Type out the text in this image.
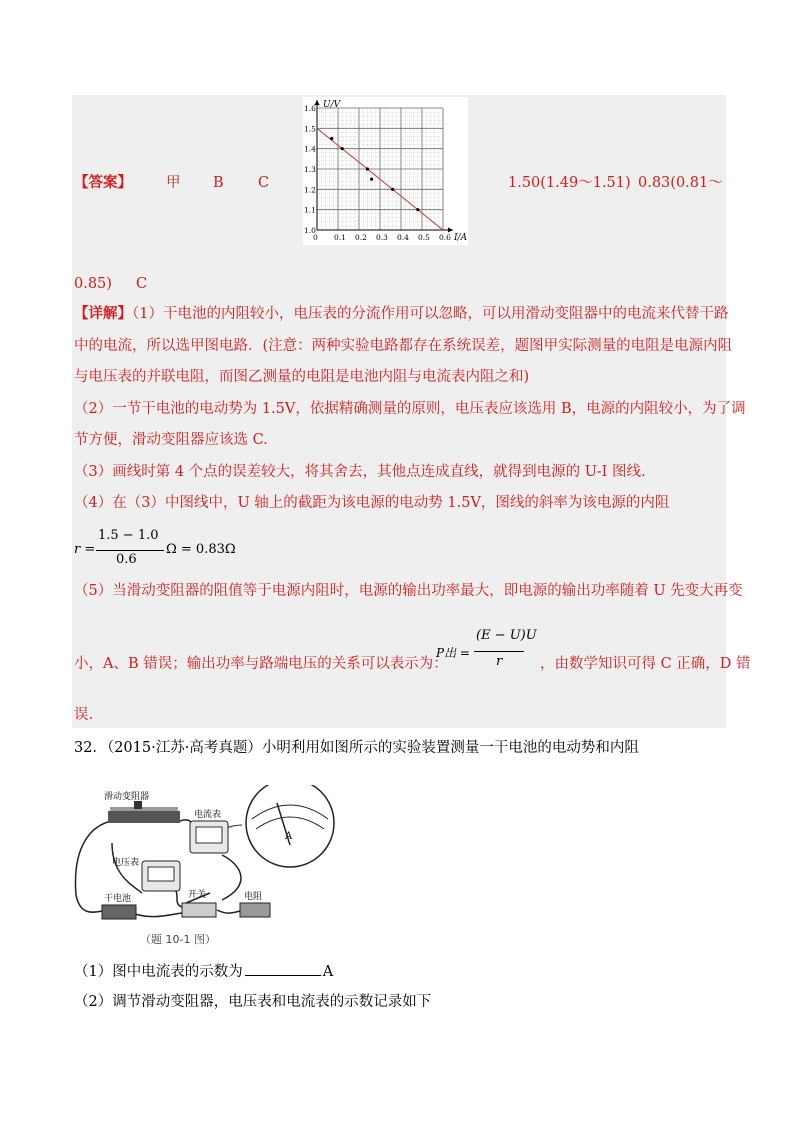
【答案】 甲 B C	1.50(1.49～1.51) 0.83(0.81～
0.85) C
1.6
1.5
1.4
1.3
1.2
1.1
1.0
0 0.1 0.2 0.3 0.4 0.5 0.6
U/V
I/A
【详解】（1）干电池的内阻较小，电压表的分流作用可以忽略，可以用滑动变阻器中的电流来代替干路
中的电流，所以选甲图电路．(注意：两种实验电路都存在系统误差，题图甲实际测量的电阻是电源内阻
与电压表的并联电阻，而图乙测量的电阻是电池内阻与电流表内阻之和)
（2）一节干电池的电动势为 1.5V，依据精确测量的原则，电压表应该选用 B，电源的内阻较小，为了调
节方便，滑动变阻器应该选 C.
（3）画线时第 4 个点的误差较大，将其舍去，其他点连成直线，就得到电源的 U-I 图线.
（4）在（3）中图线中，U 轴上的截距为该电源的电动势 1.5V，图线的斜率为该电源的内阻
r =
1.5 − 1.0
0.6
Ω = 0.83Ω
（5）当滑动变阻器的阻值等于电源内阻时，电源的输出功率最大，即电源的输出功率随着 U 先变大再变
小，A、B 错误；输出功率与路端电压的关系可以表示为：
P出 =
(E − U)U
r	，由数学知识可得 C 正确，D 错
误.
32．（2015·江苏·高考真题）小明利用如图所示的实验装置测量一干电池的电动势和内阻
滑动变阻器
电流表
电压表
干电池	开关	电阻
A
（题 10-1 图）
（1）图中电流表的示数为	A
（2）调节滑动变阻器，电压表和电流表的示数记录如下
